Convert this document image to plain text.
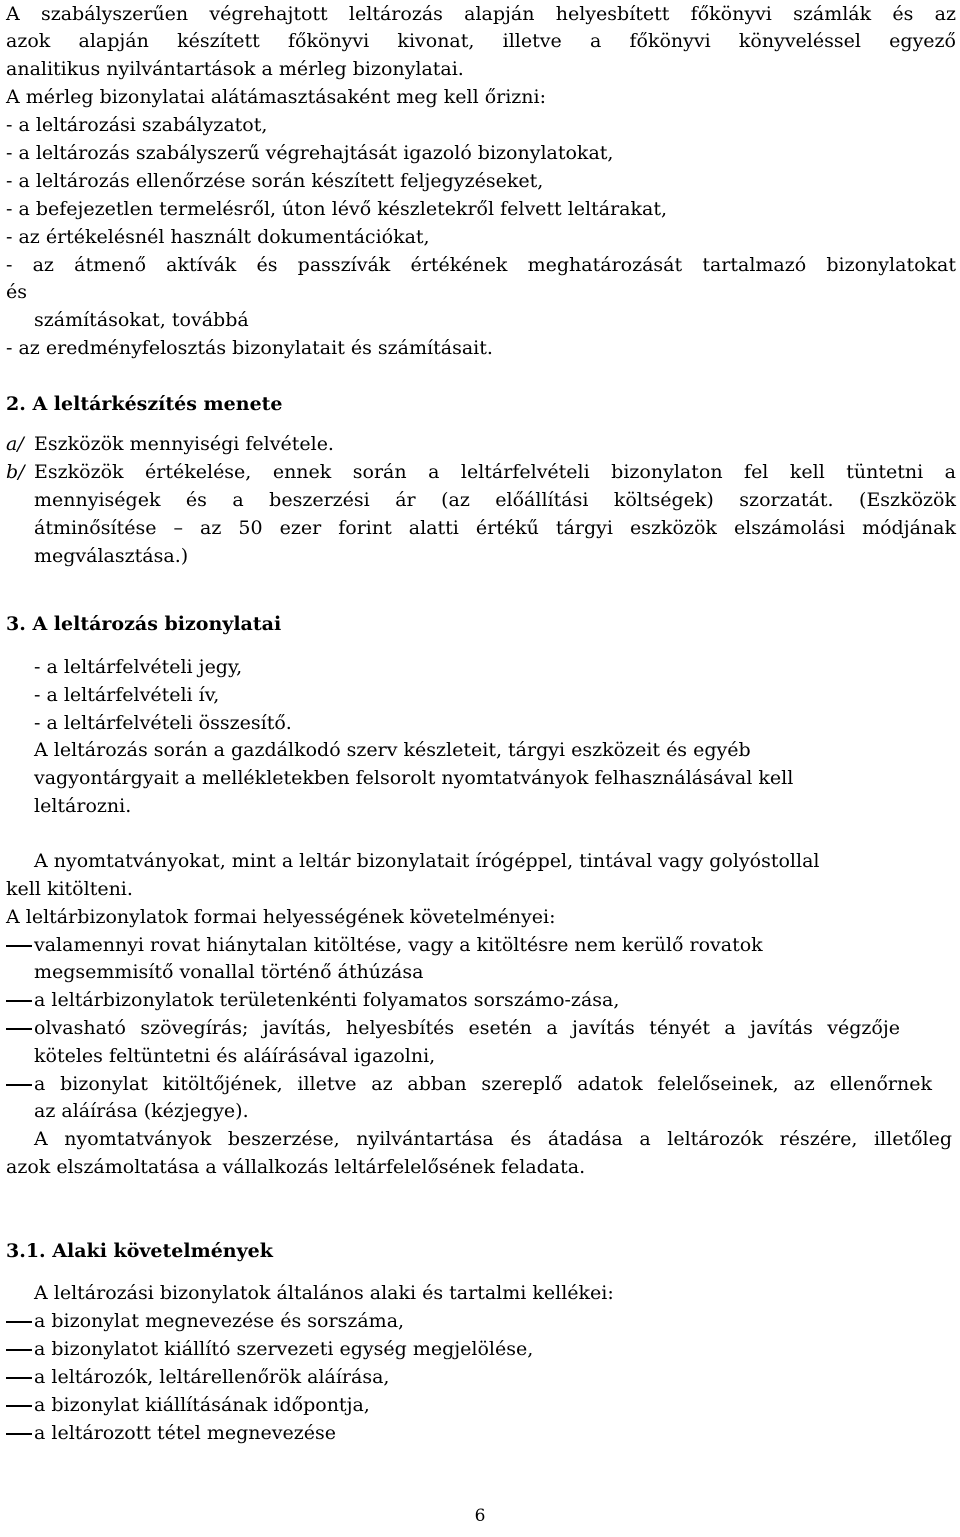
A szabályszerűen végrehajtott leltározás alapján helyesbített főkönyvi számlák és az
azok alapján készített főkönyvi kivonat, illetve a főkönyvi könyveléssel egyező
analitikus nyilvántartások a mérleg bizonylatai.
A mérleg bizonylatai alátámasztásaként meg kell őrizni:
- a leltározási szabályzatot,
- a leltározás szabályszerű végrehajtását igazoló bizonylatokat,
- a leltározás ellenőrzése során készített feljegyzéseket,
- a befejezetlen termelésről, úton lévő készletekről felvett leltárakat,
- az értékelésnél használt dokumentációkat,
- az átmenő aktívák és passzívák értékének meghatározását tartalmazó bizonylatokat
és
számításokat, továbbá
- az eredményfelosztás bizonylatait és számításait.
2. A leltárkészítés menete
a/ Eszközök mennyiségi felvétele.
b/ Eszközök értékelése, ennek során a leltárfelvételi bizonylaton fel kell tüntetni a
mennyiségek és a beszerzési ár (az előállítási költségek) szorzatát. (Eszközök
átminősítése – az 50 ezer forint alatti értékű tárgyi eszközök elszámolási módjának
megválasztása.)
3. A leltározás bizonylatai
- a leltárfelvételi jegy,
- a leltárfelvételi ív,
- a leltárfelvételi összesítő.
A leltározás során a gazdálkodó szerv készleteit, tárgyi eszközeit és egyéb
vagyontárgyait a mellékletekben felsorolt nyomtatványok felhasználásával kell
leltározni.
A nyomtatványokat, mint a leltár bizonylatait írógéppel, tintával vagy golyóstollal
kell kitölteni.
A leltárbizonylatok formai helyességének követelményei:
valamennyi rovat hiánytalan kitöltése, vagy a kitöltésre nem kerülő rovatok
megsemmisítő vonallal történő áthúzása
a leltárbizonylatok területenkénti folyamatos sorszámo-zása,
olvasható szövegírás; javítás, helyesbítés esetén a javítás tényét a javítás végzője
köteles feltüntetni és aláírásával igazolni,
a bizonylat kitöltőjének, illetve az abban szereplő adatok felelőseinek, az ellenőrnek
az aláírása (kézjegye).
A nyomtatványok beszerzése, nyilvántartása és átadása a leltározók részére, illetőleg
azok elszámoltatása a vállalkozás leltárfelelősének feladata.
3.1. Alaki követelmények
A leltározási bizonylatok általános alaki és tartalmi kellékei:
a bizonylat megnevezése és sorszáma,
a bizonylatot kiállító szervezeti egység megjelölése,
a leltározók, leltárellenőrök aláírása,
a bizonylat kiállításának időpontja,
a leltározott tétel megnevezése
6
